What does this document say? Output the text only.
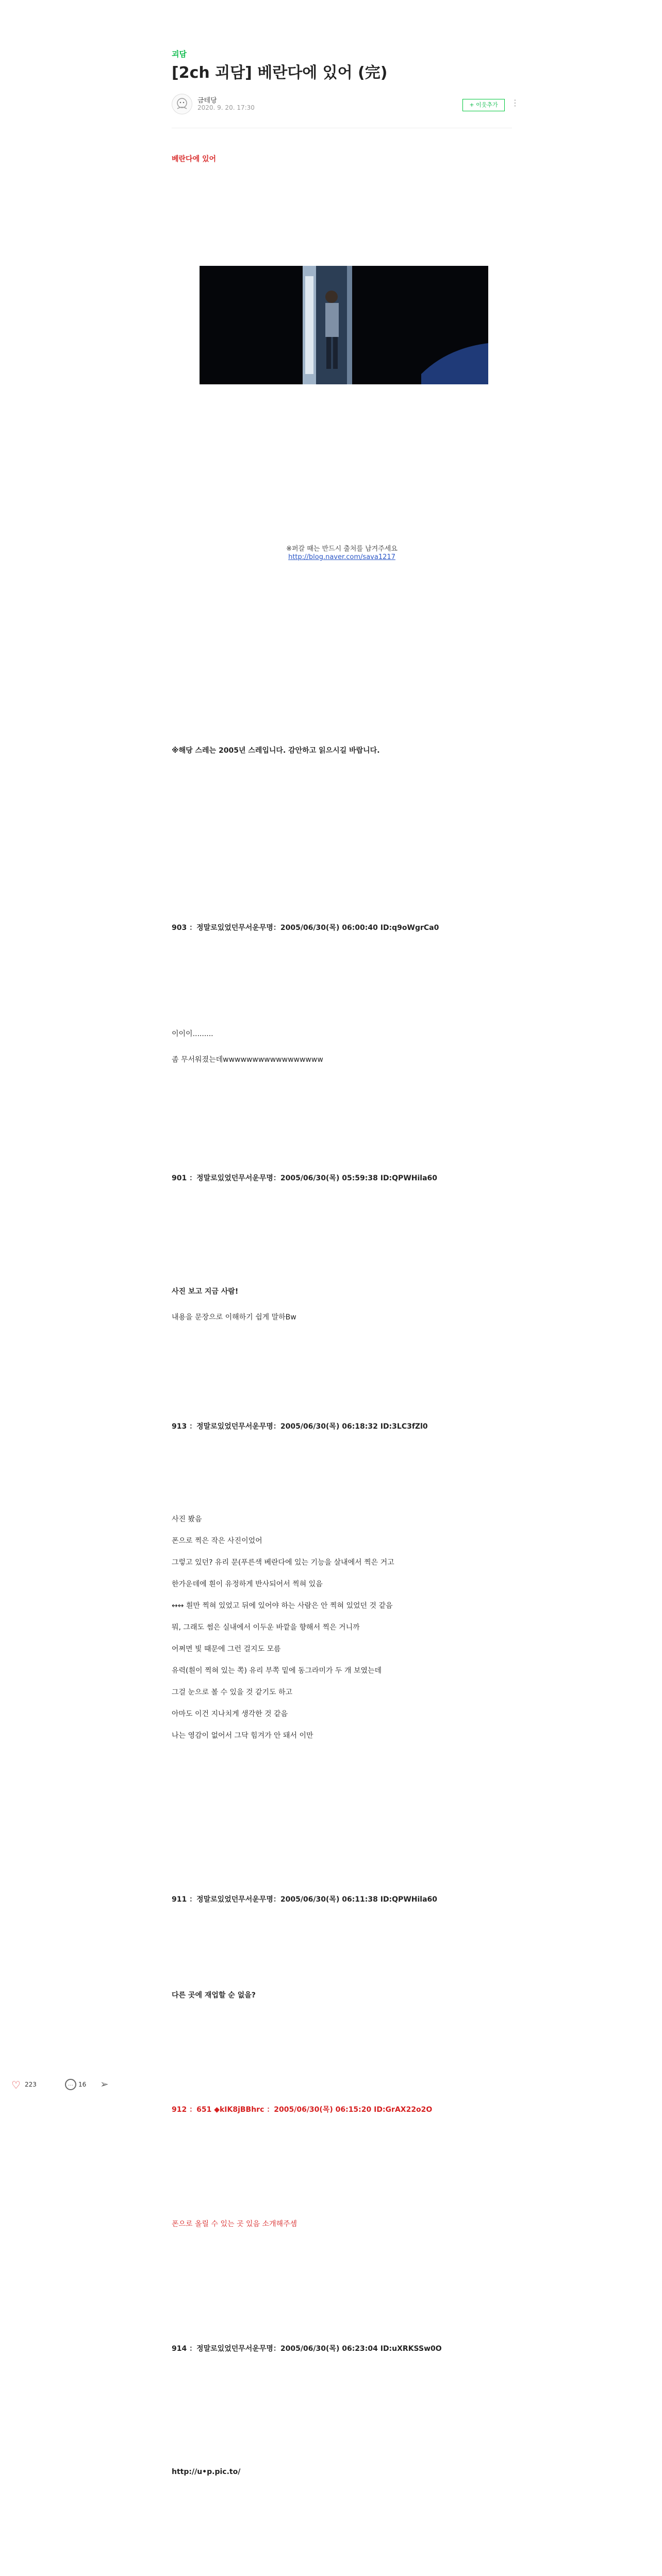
괴담
[2ch 괴담] 베란다에 있어 (完)
금테당
2020. 9. 20. 17:30	+ 이웃추가	⋮
베란다에 있어
※퍼갈 때는 반드시 출처를 남겨주세요
http://blog.naver.com/sava1217
※해당 스레는 2005년 스레입니다. 감안하고 읽으시길 바랍니다.
903 ：정말로있었던무서운무명：2005/06/30(목) 06:00:40 ID:q9oWgrCa0
이이이.........
좀 무서워졌는데wwwwwwwwwwwwwwwww
901 ：정말로있었던무서운무명：2005/06/30(목) 05:59:38 ID:QPWHila60
사진 보고 지금 사람!
내용을 문장으로 이해하기 쉽게 말하Bw
913 ：정말로있었던무서운무명：2005/06/30(목) 06:18:32 ID:3LC3fZl0
사진 봤음
폰으로 찍은 작은 사진이었어
그렇고 있던? 유리 문(푸른색 베란다에 있는 기능을 살내에서 찍은 거고
한가운데에 흰이 유정하게 반사되어서 찍혀 있음
↔↔ 흰만 찍혀 있었고 뒤에 있어야 하는 사람은 안 찍혀 있었던 것 같음
뭐, 그래도 썸은 실내에서 이두운 바깥을 향해서 찍은 거니까
어쩌면 빛 때문에 그런 걸지도 모름
유력(흰이 찍혀 있는 쪽) 유리 부쪽 밑에 동그라미가 두 개 보였는데
그걸 눈으로 볼 수 있을 것 같기도 하고
아마도 이건 지나치게 생각한 것 같음
나는 영감이 없어서 그닥 힘겨가 안 돼서 이만
911 ：정말로있었던무서운무명：2005/06/30(목) 06:11:38 ID:QPWHila60
다른 곳에 재업할 순 없을?
912 ：651 ◆kIK8jBBhrc ：2005/06/30(목) 06:15:20 ID:GrAX22o2O
폰으로 올릴 수 있는 곳 있음 소개해주셈
914 ：정말로있었던무서운무명：2005/06/30(목) 06:23:04 ID:uXRKSSw0O
http://u•p.pic.to/
♡ 223	… 16 ➢
